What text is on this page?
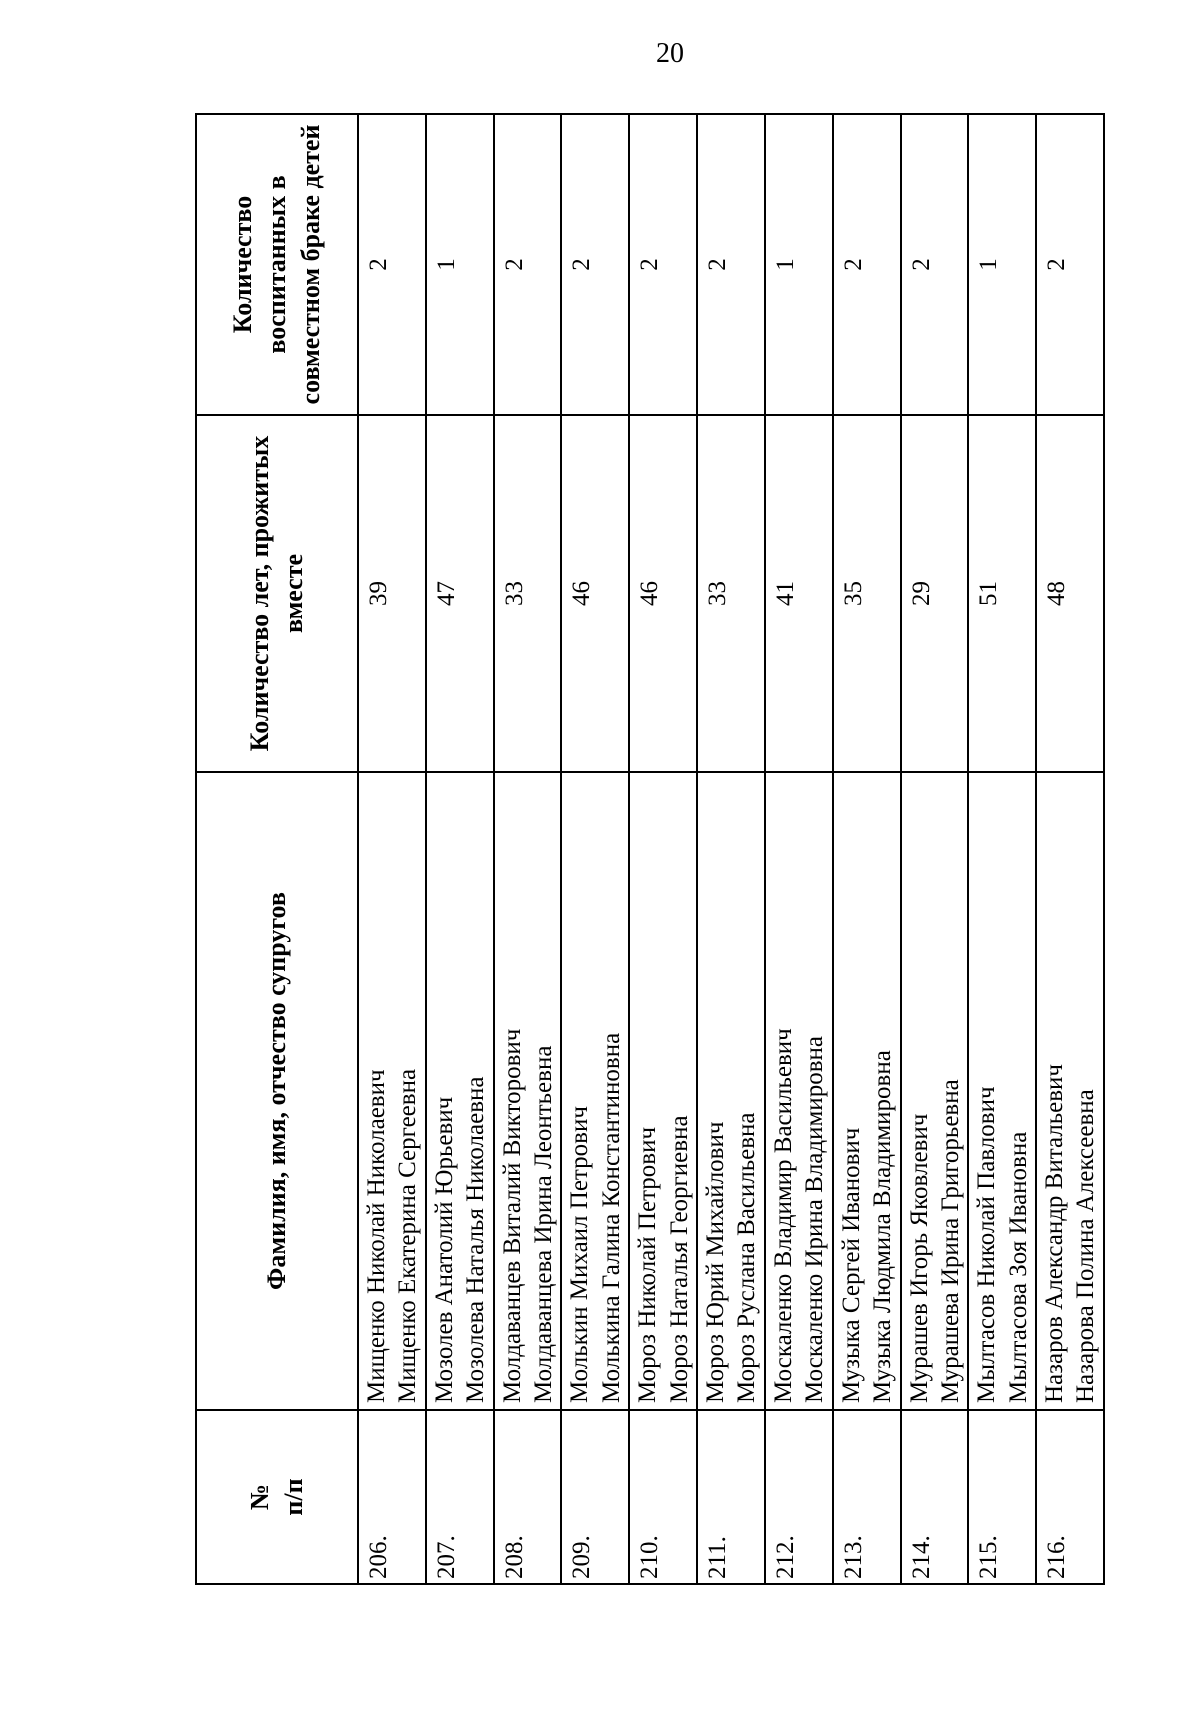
20
№ п/п	Фамилия, имя, отчество супругов	Количество лет, прожитых вместе	Количество воспитанных в совместном браке детей
206.	Мищенко Николай Николаевич Мищенко Екатерина Сергеевна	39	2
207.	Мозолев Анатолий Юрьевич Мозолева Наталья Николаевна	47	1
208.	Молдаванцев Виталий Викторович Молдаванцева Ирина Леонтьевна	33	2
209.	Молькин Михаил Петрович Молькина Галина Константиновна	46	2
210.	Мороз Николай Петрович Мороз Наталья Георгиевна	46	2
211.	Мороз Юрий Михайлович Мороз Руслана Васильевна	33	2
212.	Москаленко Владимир Васильевич Москаленко Ирина Владимировна	41	1
213.	Музыка Сергей Иванович Музыка Людмила Владимировна	35	2
214.	Мурашев Игорь Яковлевич Мурашева Ирина Григорьевна	29	2
215.	Мылтасов Николай Павлович Мылтасова Зоя Ивановна	51	1
216.	Назаров Александр Витальевич Назарова Полина Алексеевна	48	2
